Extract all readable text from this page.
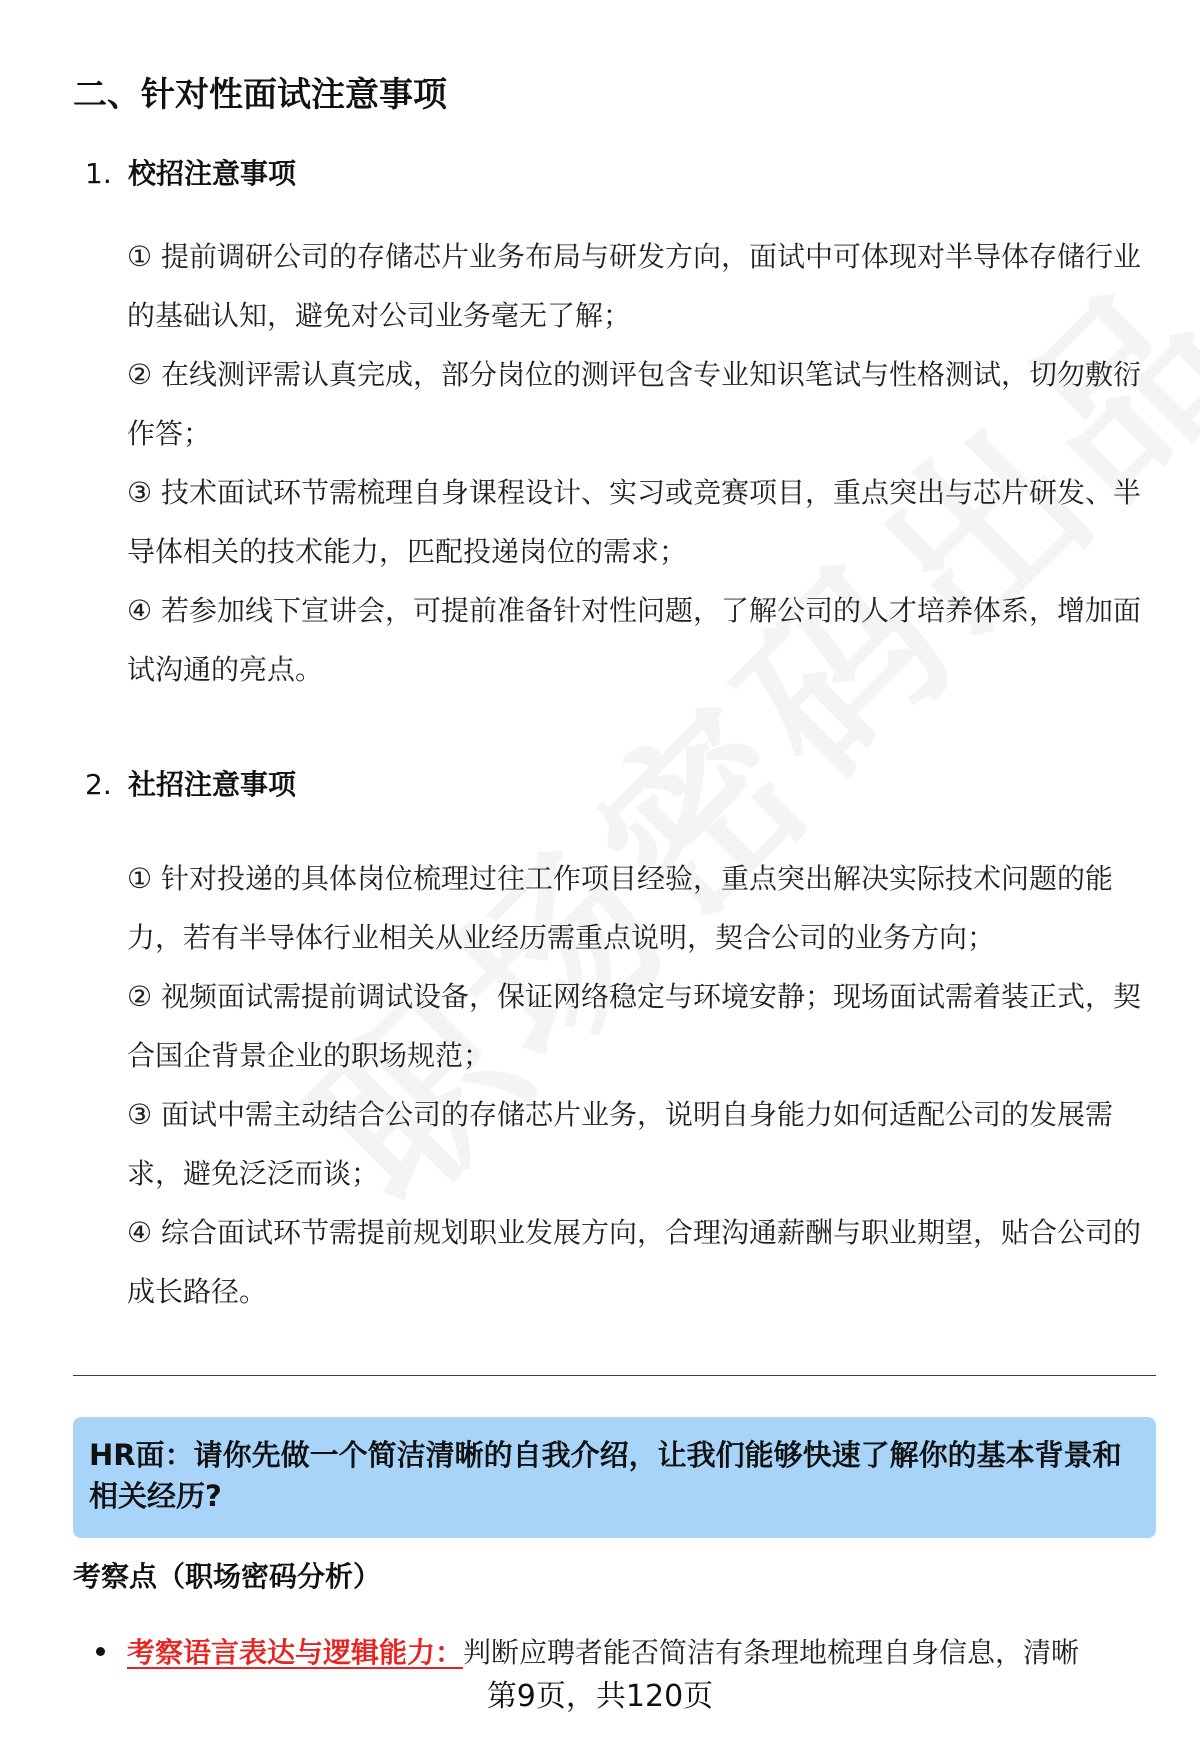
二、针对性面试注意事项
1. 校招注意事项

① 提前调研公司的存储芯片业务布局与研发方向，面试中可体现对半导体存储行业的基础认知，避免对公司业务毫无了解；

② 在线测评需认真完成，部分岗位的测评包含专业知识笔试与性格测试，切勿敷衍作答；

③ 技术面试环节需梳理自身课程设计、实习或竞赛项目，重点突出与芯片研发、半导体相关的技术能力，匹配投递岗位的需求；

④ 若参加线下宣讲会，可提前准备针对性问题，了解公司的人才培养体系，增加面试沟通的亮点。

2. 社招注意事项

① 针对投递的具体岗位梳理过往工作项目经验，重点突出解决实际技术问题的能力，若有半导体行业相关从业经历需重点说明，契合公司的业务方向；

② 视频面试需提前调试设备，保证网络稳定与环境安静；现场面试需着装正式，契合国企背景企业的职场规范；

③ 面试中需主动结合公司的存储芯片业务，说明自身能力如何适配公司的发展需求，避免泛泛而谈；

④ 综合面试环节需提前规划职业发展方向，合理沟通薪酬与职业期望，贴合公司的成长路径。

HR面：请你先做一个简洁清晰的自我介绍，让我们能够快速了解你的基本背景和相关经历?
考察点（职场密码分析）
考察语言表达与逻辑能力：判断应聘者能否简洁有条理地梳理自身信息，清晰
第9页，共120页
